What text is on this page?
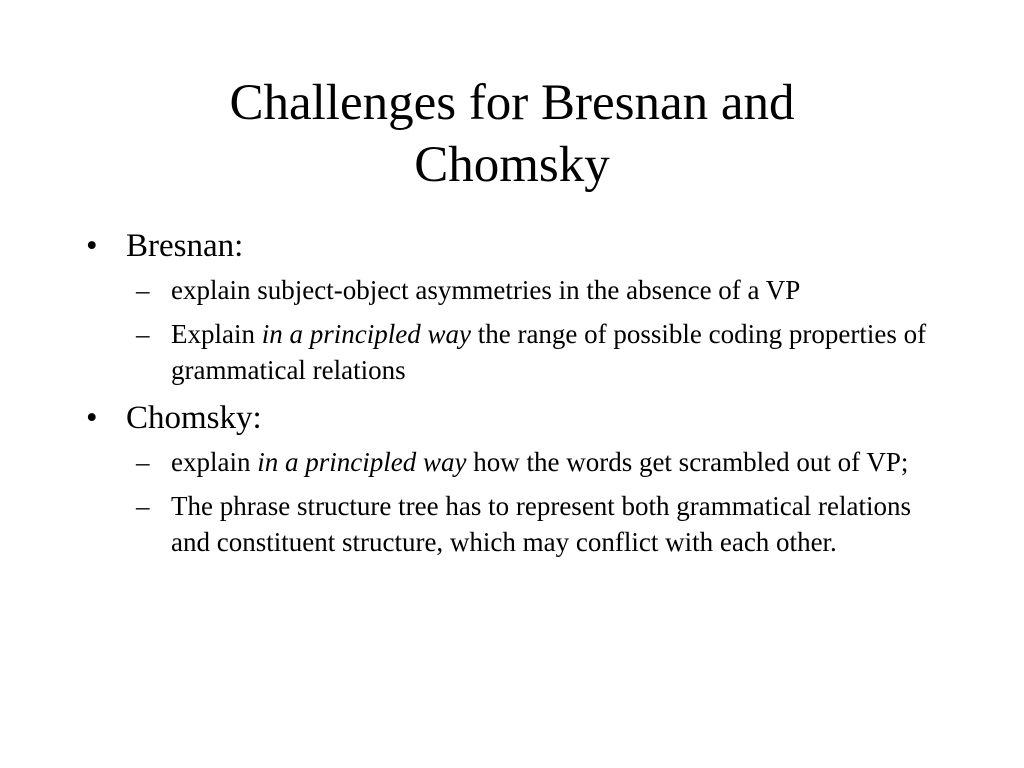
Challenges for Bresnan and
Chomsky
• Bresnan:
– explain subject-object asymmetries in the absence of a VP
– Explain in a principled way the range of possible coding properties of grammatical relations
• Chomsky:
– explain in a principled way how the words get scrambled out of VP;
– The phrase structure tree has to represent both grammatical relations and constituent structure, which may conflict with each other.
